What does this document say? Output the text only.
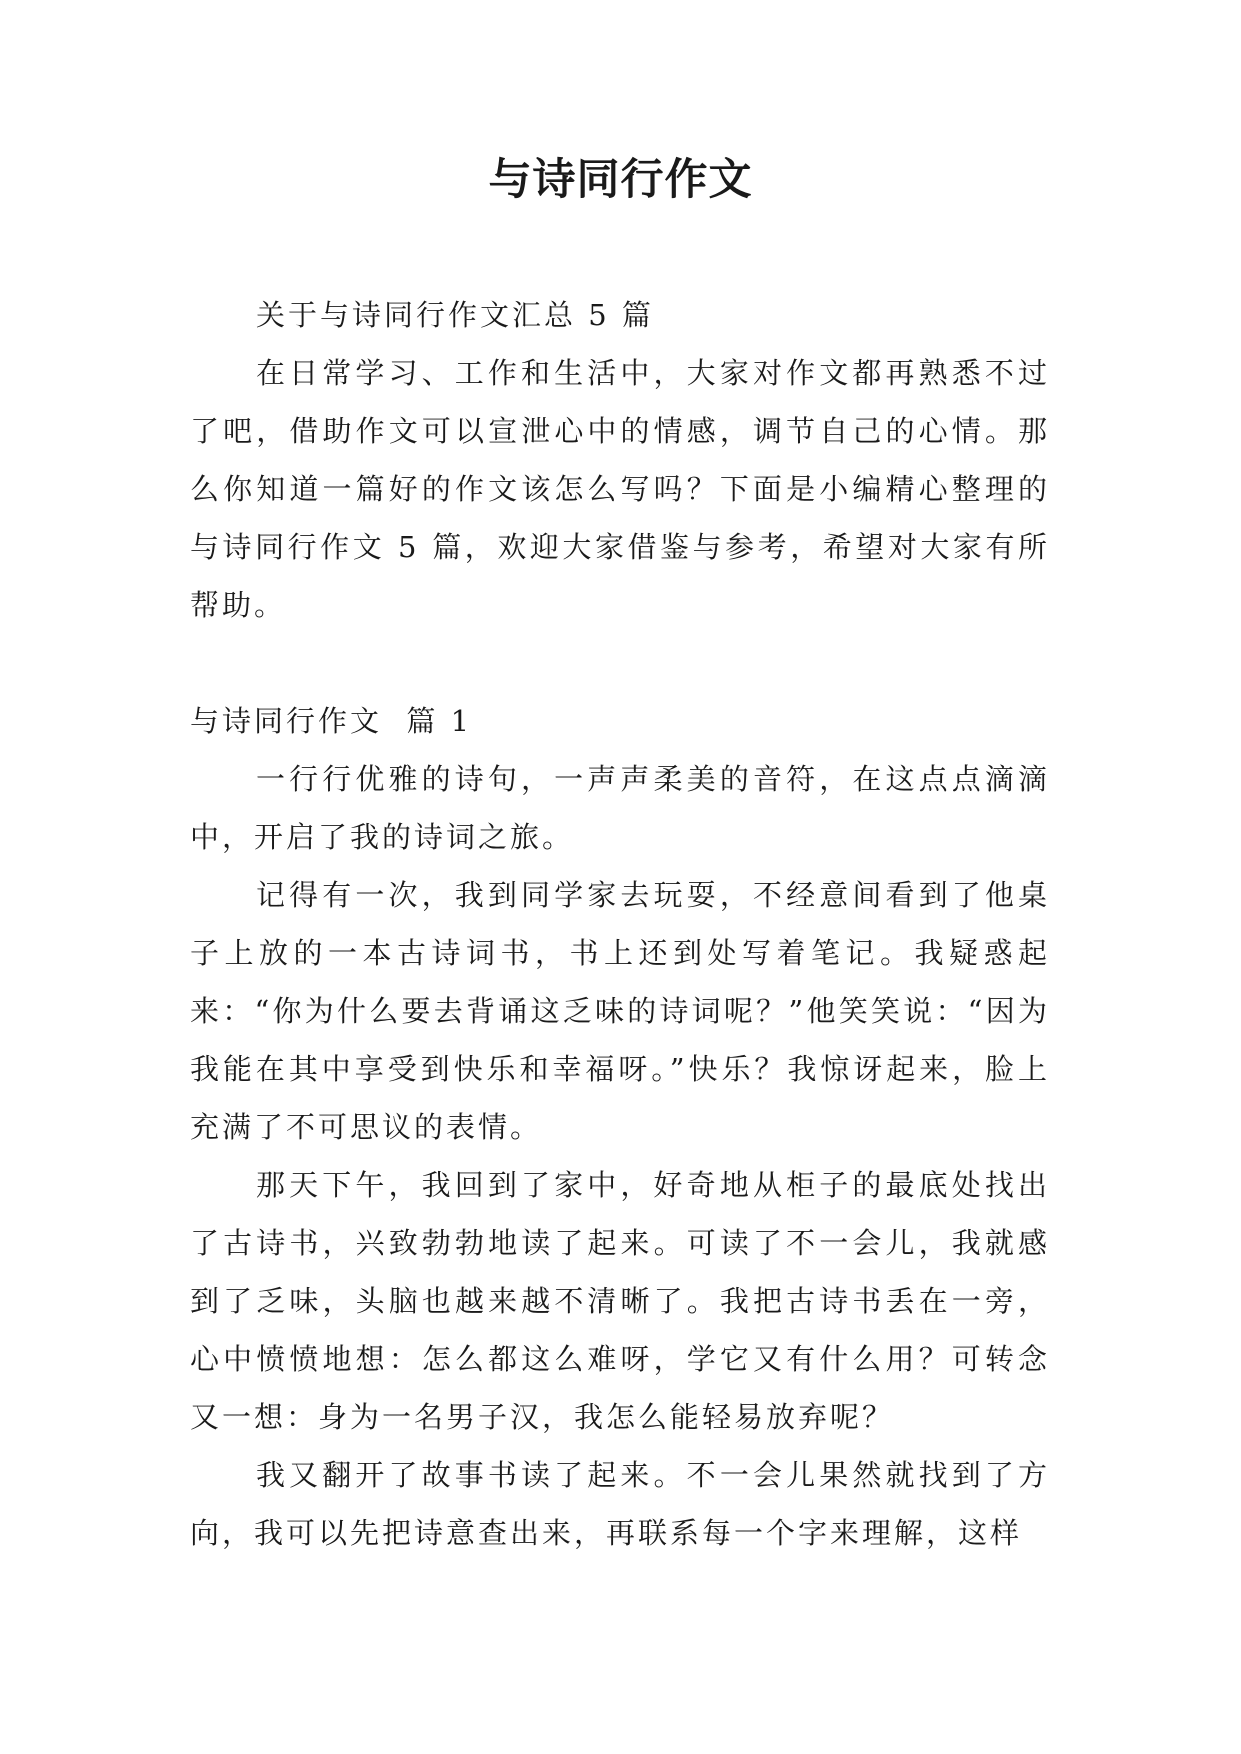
与诗同行作文

关于与诗同行作文汇总 5 篇

在日常学习、工作和生活中，大家对作文都再熟悉不过了吧，借助作文可以宣泄心中的情感，调节自己的心情。那么你知道一篇好的作文该怎么写吗？下面是小编精心整理的与诗同行作文 5 篇，欢迎大家借鉴与参考，希望对大家有所帮助。

与诗同行作文  篇 1

一行行优雅的诗句，一声声柔美的音符，在这点点滴滴中，开启了我的诗词之旅。

记得有一次，我到同学家去玩耍，不经意间看到了他桌子上放的一本古诗词书，书上还到处写着笔记。我疑惑起来：“你为什么要去背诵这乏味的诗词呢？”他笑笑说：“因为我能在其中享受到快乐和幸福呀。”快乐？我惊讶起来，脸上充满了不可思议的表情。

那天下午，我回到了家中，好奇地从柜子的最底处找出了古诗书，兴致勃勃地读了起来。可读了不一会儿，我就感到了乏味，头脑也越来越不清晰了。我把古诗书丢在一旁，心中愤愤地想：怎么都这么难呀，学它又有什么用？可转念又一想：身为一名男子汉，我怎么能轻易放弃呢？

我又翻开了故事书读了起来。不一会儿果然就找到了方向，我可以先把诗意查出来，再联系每一个字来理解，这样
